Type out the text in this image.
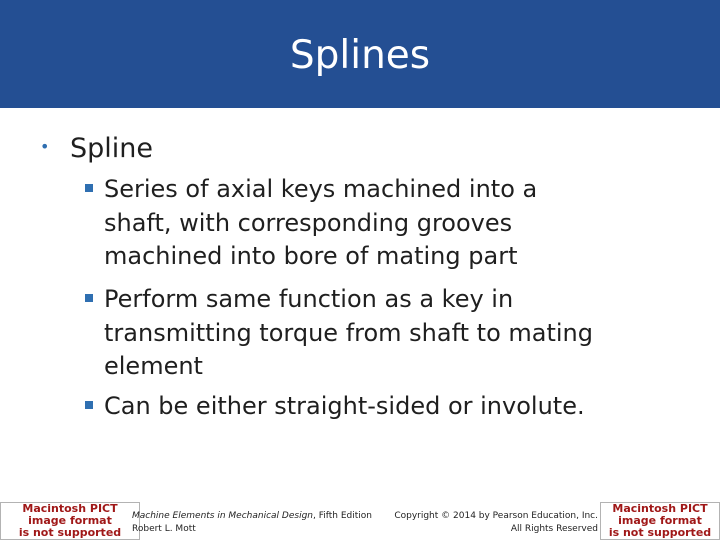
Splines
• Spline
Series of axial keys machined into a
shaft, with corresponding grooves
machined into bore of mating part
Perform same function as a key in
transmitting torque from shaft to mating
element
Can be either straight-sided or involute.
Macintosh PICT
image format
is not supported
Machine Elements in Mechanical Design, Fifth Edition
Robert L. Mott
Copyright © 2014 by Pearson Education, Inc.
All Rights Reserved
Macintosh PICT
image format
is not supported
